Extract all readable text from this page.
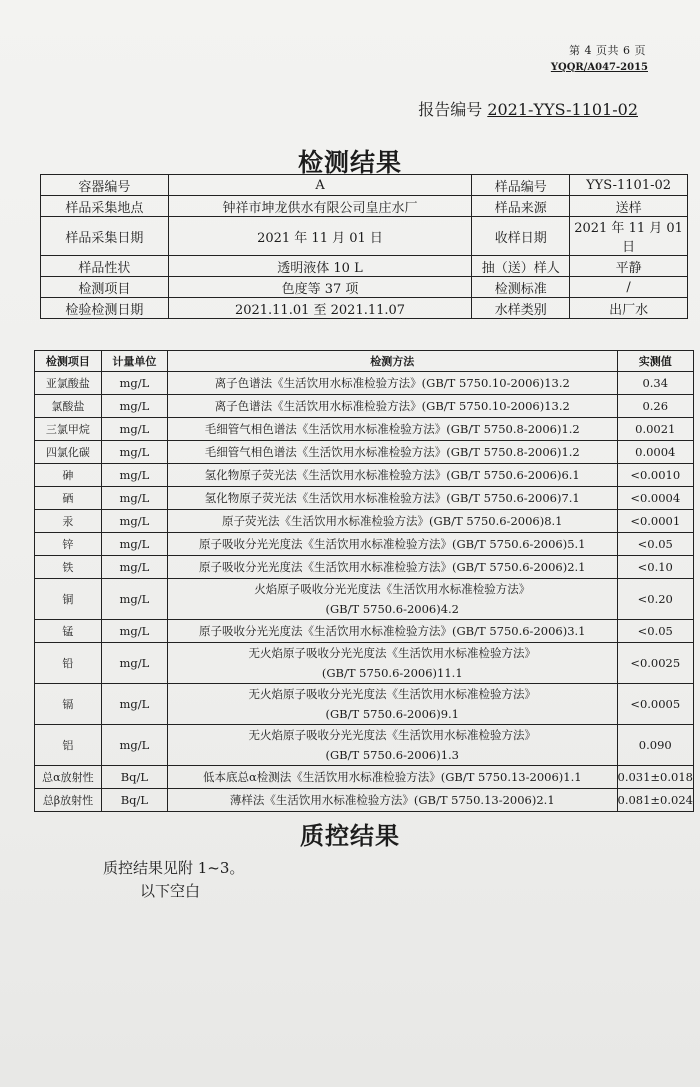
第 4 页共 6 页
YQQR/A047-2015
报告编号 2021-YYS-1101-02
检测结果
容器编号	A	样品编号	YYS-1101-02
样品采集地点	钟祥市坤龙供水有限公司皇庄水厂	样品来源	送样
样品采集日期	2021 年 11 月 01 日	收样日期	2021 年 11 月 01 日
样品性状	透明液体 10 L	抽（送）样人	平静
检测项目	色度等 37 项	检测标准	/
检验检测日期	2021.11.01 至 2021.11.07	水样类别	出厂水
检测项目	计量单位	检测方法	实测值
亚氯酸盐	mg/L	离子色谱法《生活饮用水标准检验方法》(GB/T 5750.10-2006)13.2	0.34
氯酸盐	mg/L	离子色谱法《生活饮用水标准检验方法》(GB/T 5750.10-2006)13.2	0.26
三氯甲烷	mg/L	毛细管气相色谱法《生活饮用水标准检验方法》(GB/T 5750.8-2006)1.2	0.0021
四氯化碳	mg/L	毛细管气相色谱法《生活饮用水标准检验方法》(GB/T 5750.8-2006)1.2	0.0004
砷	mg/L	氢化物原子荧光法《生活饮用水标准检验方法》(GB/T 5750.6-2006)6.1	<0.0010
硒	mg/L	氢化物原子荧光法《生活饮用水标准检验方法》(GB/T 5750.6-2006)7.1	<0.0004
汞	mg/L	原子荧光法《生活饮用水标准检验方法》(GB/T 5750.6-2006)8.1	<0.0001
锌	mg/L	原子吸收分光光度法《生活饮用水标准检验方法》(GB/T 5750.6-2006)5.1	<0.05
铁	mg/L	原子吸收分光光度法《生活饮用水标准检验方法》(GB/T 5750.6-2006)2.1	<0.10
铜	mg/L	火焰原子吸收分光光度法《生活饮用水标准检验方法》
(GB/T 5750.6-2006)4.2	<0.20
锰	mg/L	原子吸收分光光度法《生活饮用水标准检验方法》(GB/T 5750.6-2006)3.1	<0.05
铅	mg/L	无火焰原子吸收分光光度法《生活饮用水标准检验方法》
(GB/T 5750.6-2006)11.1	<0.0025
镉	mg/L	无火焰原子吸收分光光度法《生活饮用水标准检验方法》
(GB/T 5750.6-2006)9.1	<0.0005
铝	mg/L	无火焰原子吸收分光光度法《生活饮用水标准检验方法》
(GB/T 5750.6-2006)1.3	0.090
总α放射性	Bq/L	低本底总α检测法《生活饮用水标准检验方法》(GB/T 5750.13-2006)1.1	0.031±0.018
总β放射性	Bq/L	薄样法《生活饮用水标准检验方法》(GB/T 5750.13-2006)2.1	0.081±0.024
质控结果
质控结果见附 1~3。
以下空白
